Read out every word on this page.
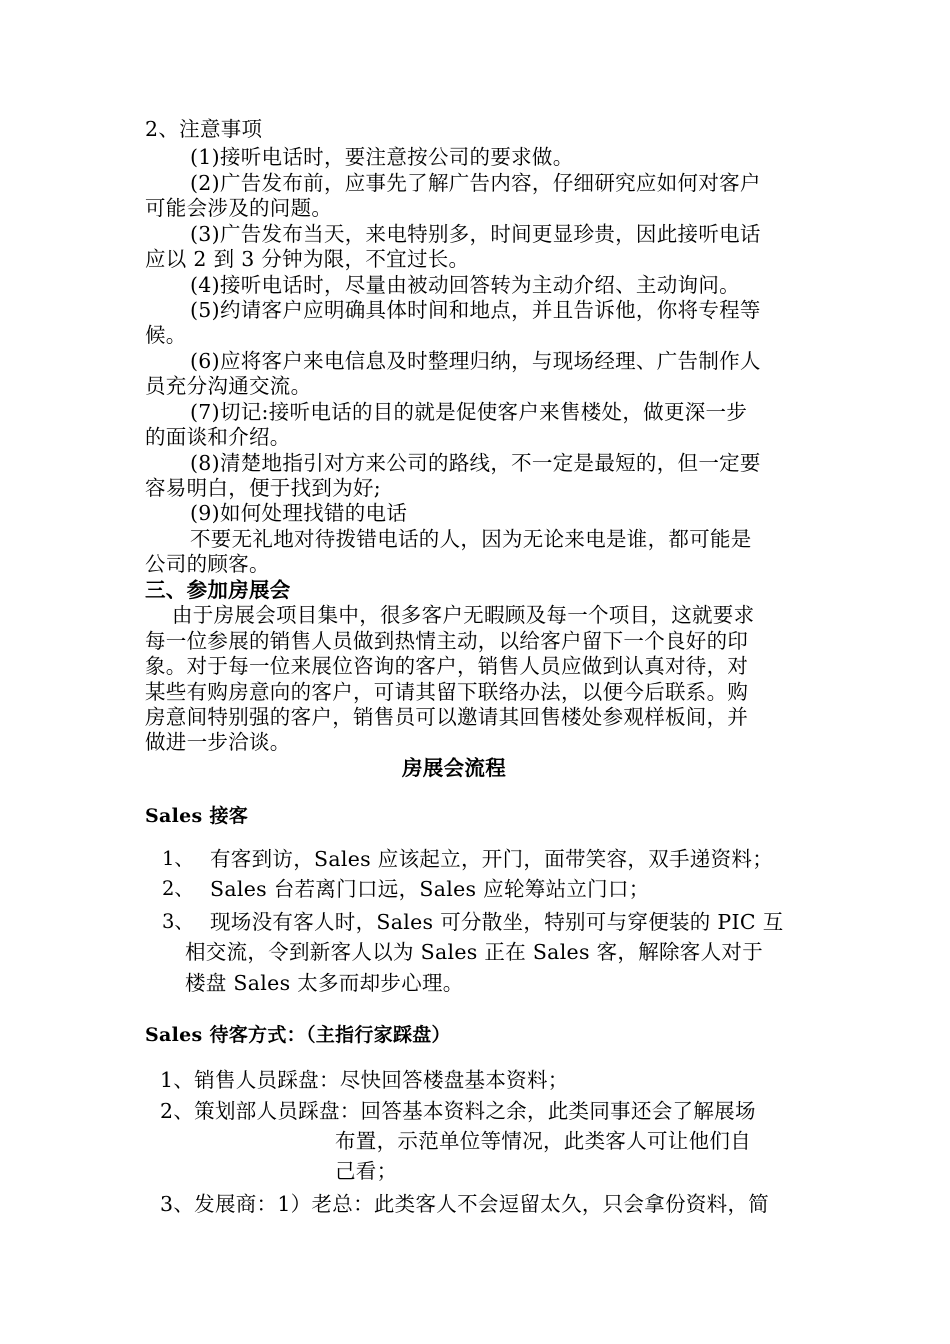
2、注意事项
(1)接听电话时，要注意按公司的要求做。
(2)广告发布前，应事先了解广告内容，仔细研究应如何对客户
可能会涉及的问题。
(3)广告发布当天，来电特别多，时间更显珍贵，因此接听电话
应以 2 到 3 分钟为限，不宜过长。
(4)接听电话时，尽量由被动回答转为主动介绍、主动询问。
(5)约请客户应明确具体时间和地点，并且告诉他，你将专程等
候。
(6)应将客户来电信息及时整理归纳，与现场经理、广告制作人
员充分沟通交流。
(7)切记:接听电话的目的就是促使客户来售楼处，做更深一步
的面谈和介绍。
(8)清楚地指引对方来公司的路线，不一定是最短的，但一定要
容易明白，便于找到为好;
(9)如何处理找错的电话
不要无礼地对待拨错电话的人，因为无论来电是谁，都可能是
公司的顾客。
三、参加房展会
由于房展会项目集中，很多客户无暇顾及每一个项目，这就要求
每一位参展的销售人员做到热情主动，以给客户留下一个良好的印
象。对于每一位来展位咨询的客户，销售人员应做到认真对待，对
某些有购房意向的客户，可请其留下联络办法，以便今后联系。购
房意间特别强的客户，销售员可以邀请其回售楼处参观样板间，并
做进一步洽谈。
房展会流程
Sales 接客
1、 有客到访，Sales 应该起立，开门，面带笑容，双手递资料；
2、 Sales 台若离门口远，Sales 应轮筹站立门口；
3、 现场没有客人时，Sales 可分散坐，特别可与穿便装的 PIC 互
相交流，令到新客人以为 Sales 正在 Sales 客，解除客人对于
楼盘 Sales 太多而却步心理。
Sales 待客方式：（主指行家踩盘）
1、销售人员踩盘：尽快回答楼盘基本资料；
2、策划部人员踩盘：回答基本资料之余，此类同事还会了解展场
布置，示范单位等情况，此类客人可让他们自
己看；
3、发展商：1）老总：此类客人不会逗留太久，只会拿份资料，简
